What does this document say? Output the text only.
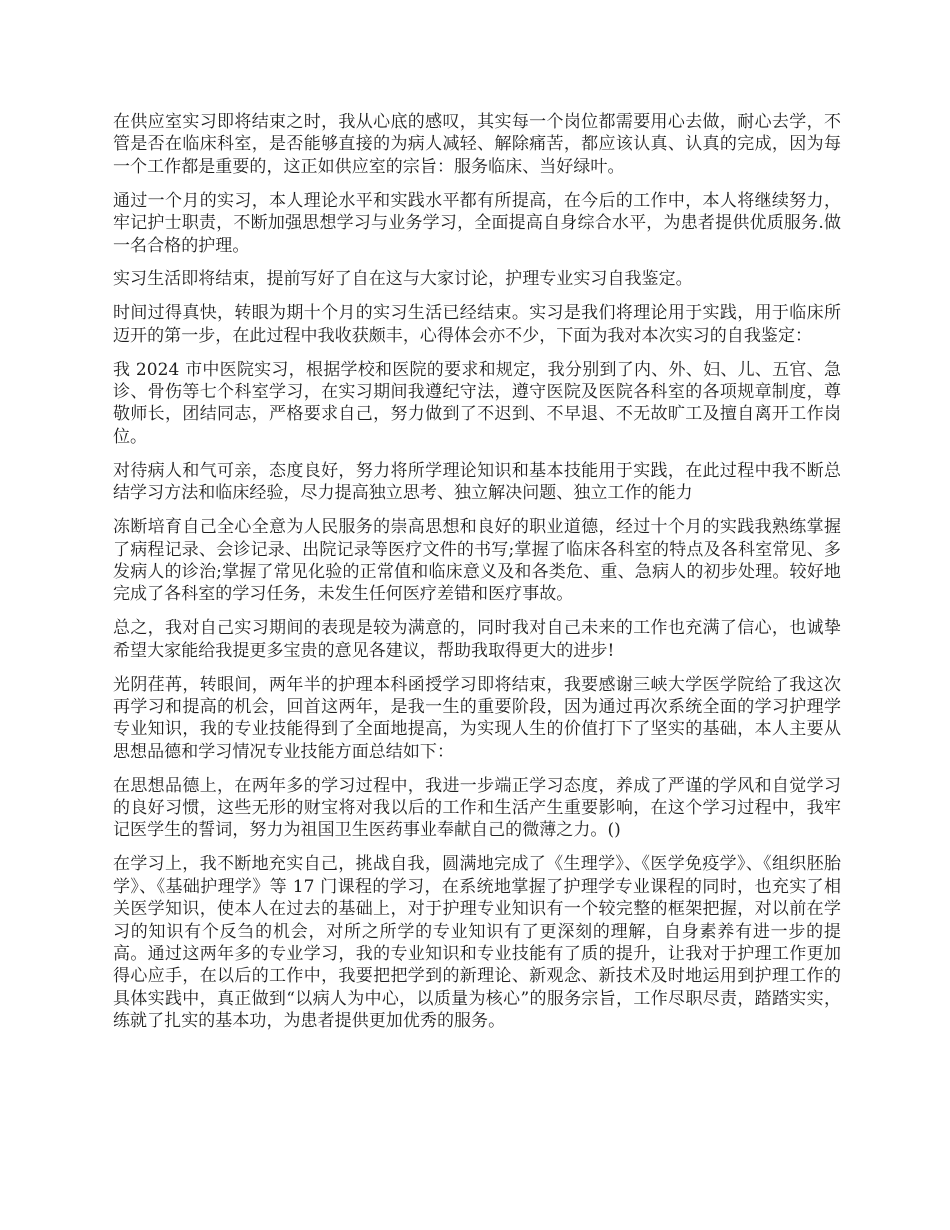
在供应室实习即将结束之时，我从心底的感叹，其实每一个岗位都需要用心去做，耐心去学，不管是否在临床科室，是否能够直接的为病人减轻、解除痛苦，都应该认真、认真的完成，因为每一个工作都是重要的，这正如供应室的宗旨：服务临床、当好绿叶。

通过一个月的实习，本人理论水平和实践水平都有所提高，在今后的工作中，本人将继续努力，牢记护士职责，不断加强思想学习与业务学习，全面提高自身综合水平，为患者提供优质服务.做一名合格的护理。

实习生活即将结束，提前写好了自在这与大家讨论，护理专业实习自我鉴定。

时间过得真快，转眼为期十个月的实习生活已经结束。实习是我们将理论用于实践，用于临床所迈开的第一步，在此过程中我收获颇丰，心得体会亦不少，下面为我对本次实习的自我鉴定：

我 2024 市中医院实习，根据学校和医院的要求和规定，我分别到了内、外、妇、儿、五官、急诊、骨伤等七个科室学习，在实习期间我遵纪守法，遵守医院及医院各科室的各项规章制度，尊敬师长，团结同志，严格要求自己，努力做到了不迟到、不早退、不无故旷工及擅自离开工作岗位。

对待病人和气可亲，态度良好，努力将所学理论知识和基本技能用于实践，在此过程中我不断总结学习方法和临床经验，尽力提高独立思考、独立解决问题、独立工作的能力

冻断培育自己全心全意为人民服务的崇高思想和良好的职业道德，经过十个月的实践我熟练掌握了病程记录、会诊记录、出院记录等医疗文件的书写;掌握了临床各科室的特点及各科室常见、多发病人的诊治;掌握了常见化验的正常值和临床意义及和各类危、重、急病人的初步处理。较好地完成了各科室的学习任务，未发生任何医疗差错和医疗事故。

总之，我对自己实习期间的表现是较为满意的，同时我对自己未来的工作也充满了信心，也诚挚希望大家能给我提更多宝贵的意见各建议，帮助我取得更大的进步!

光阴荏苒，转眼间，两年半的护理本科函授学习即将结束，我要感谢三峡大学医学院给了我这次再学习和提高的机会，回首这两年，是我一生的重要阶段，因为通过再次系统全面的学习护理学专业知识，我的专业技能得到了全面地提高，为实现人生的价值打下了坚实的基础，本人主要从思想品德和学习情况专业技能方面总结如下：

在思想品德上，在两年多的学习过程中，我进一步端正学习态度，养成了严谨的学风和自觉学习的良好习惯，这些无形的财宝将对我以后的工作和生活产生重要影响，在这个学习过程中，我牢记医学生的誓词，努力为祖国卫生医药事业奉献自己的微薄之力。()

在学习上，我不断地充实自己，挑战自我，圆满地完成了《生理学》、《医学免疫学》、《组织胚胎学》、《基础护理学》等 17 门课程的学习，在系统地掌握了护理学专业课程的同时，也充实了相关医学知识，使本人在过去的基础上，对于护理专业知识有一个较完整的框架把握，对以前在学习的知识有个反刍的机会，对所之所学的专业知识有了更深刻的理解，自身素养有进一步的提高。通过这两年多的专业学习，我的专业知识和专业技能有了质的提升，让我对于护理工作更加得心应手，在以后的工作中，我要把把学到的新理论、新观念、新技术及时地运用到护理工作的具体实践中，真正做到“以病人为中心，以质量为核心”的服务宗旨，工作尽职尽责，踏踏实实，练就了扎实的基本功，为患者提供更加优秀的服务。
